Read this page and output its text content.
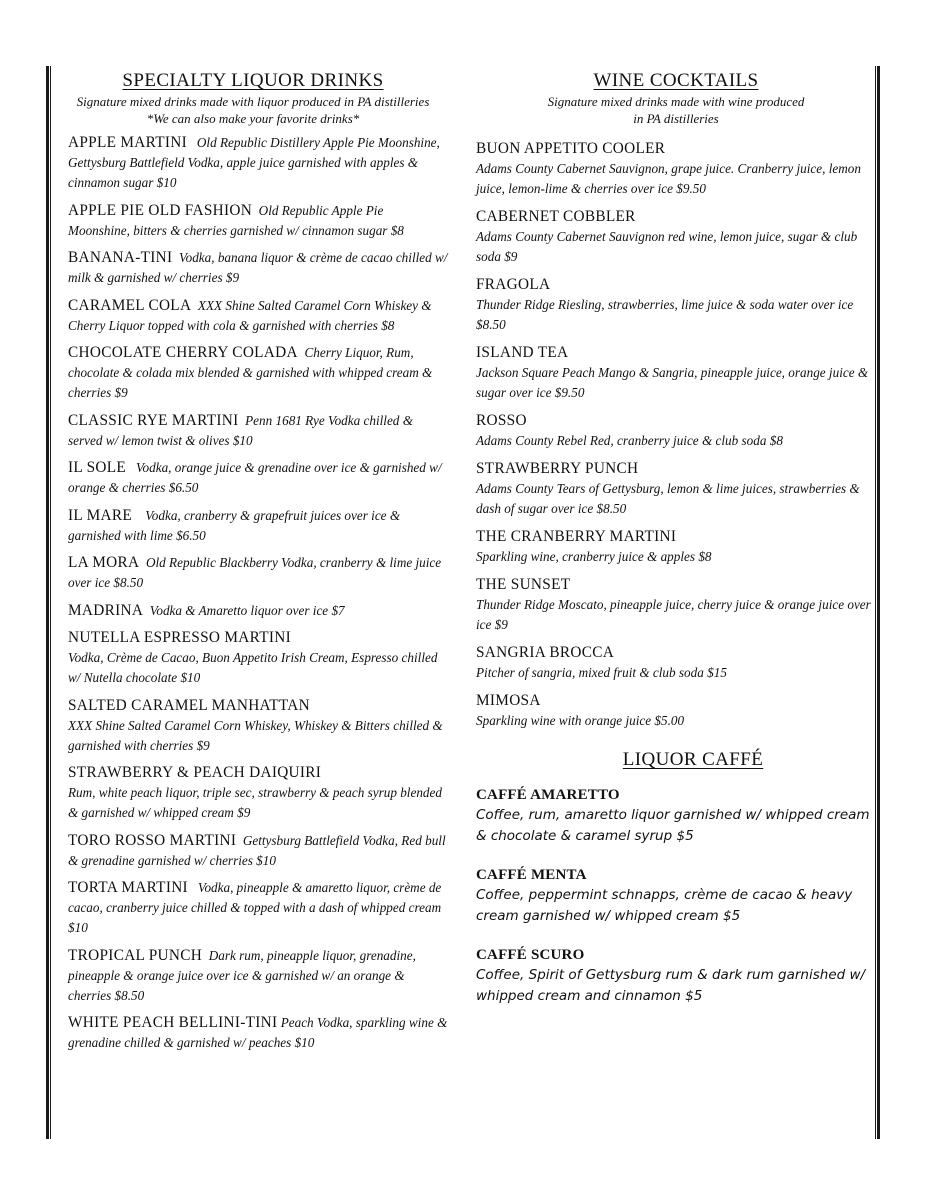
SPECIALTY LIQUOR DRINKS

Signature mixed drinks made with liquor produced in PA distilleries
*We can also make your favorite drinks*

APPLE MARTINI Old Republic Distillery Apple Pie Moonshine, Gettysburg Battlefield Vodka, apple juice garnished with apples & cinnamon sugar $10

APPLE PIE OLD FASHION Old Republic Apple Pie Moonshine, bitters & cherries garnished w/ cinnamon sugar $8

BANANA-TINI Vodka, banana liquor & crème de cacao chilled w/ milk & garnished w/ cherries $9

CARAMEL COLA XXX Shine Salted Caramel Corn Whiskey & Cherry Liquor topped with cola & garnished with cherries $8

CHOCOLATE CHERRY COLADA Cherry Liquor, Rum, chocolate & colada mix blended & garnished with whipped cream & cherries $9

CLASSIC RYE MARTINI Penn 1681 Rye Vodka chilled & served w/ lemon twist & olives $10

IL SOLE Vodka, orange juice & grenadine over ice & garnished w/ orange & cherries $6.50

IL MARE Vodka, cranberry & grapefruit juices over ice & garnished with lime $6.50

LA MORA Old Republic Blackberry Vodka, cranberry & lime juice over ice $8.50

MADRINA Vodka & Amaretto liquor over ice $7

NUTELLA ESPRESSO MARTINI
Vodka, Crème de Cacao, Buon Appetito Irish Cream, Espresso chilled w/ Nutella chocolate $10

SALTED CARAMEL MANHATTAN
XXX Shine Salted Caramel Corn Whiskey, Whiskey & Bitters chilled & garnished with cherries $9

STRAWBERRY & PEACH DAIQUIRI
Rum, white peach liquor, triple sec, strawberry & peach syrup blended & garnished w/ whipped cream $9

TORO ROSSO MARTINI Gettysburg Battlefield Vodka, Red bull & grenadine garnished w/ cherries $10

TORTA MARTINI Vodka, pineapple & amaretto liquor, crème de cacao, cranberry juice chilled & topped with a dash of whipped cream $10

TROPICAL PUNCH Dark rum, pineapple liquor, grenadine, pineapple & orange juice over ice & garnished w/ an orange & cherries $8.50

WHITE PEACH BELLINI-TINI Peach Vodka, sparkling wine & grenadine chilled & garnished w/ peaches $10

WINE COCKTAILS

Signature mixed drinks made with wine produced
in PA distilleries

BUON APPETITO COOLER
Adams County Cabernet Sauvignon, grape juice. Cranberry juice, lemon juice, lemon-lime & cherries over ice $9.50

CABERNET COBBLER
Adams County Cabernet Sauvignon red wine, lemon juice, sugar & club soda $9

FRAGOLA
Thunder Ridge Riesling, strawberries, lime juice & soda water over ice $8.50

ISLAND TEA
Jackson Square Peach Mango & Sangria, pineapple juice, orange juice & sugar over ice $9.50

ROSSO
Adams County Rebel Red, cranberry juice & club soda $8

STRAWBERRY PUNCH
Adams County Tears of Gettysburg, lemon & lime juices, strawberries & dash of sugar over ice $8.50

THE CRANBERRY MARTINI
Sparkling wine, cranberry juice & apples $8

THE SUNSET
Thunder Ridge Moscato, pineapple juice, cherry juice & orange juice over ice $9

SANGRIA BROCCA
Pitcher of sangria, mixed fruit & club soda $15

MIMOSA
Sparkling wine with orange juice $5.00

LIQUOR CAFFÉ

CAFFÉ AMARETTO
Coffee, rum, amaretto liquor garnished w/ whipped cream & chocolate & caramel syrup $5

CAFFÉ MENTA
Coffee, peppermint schnapps, crème de cacao & heavy cream garnished w/ whipped cream $5

CAFFÉ SCURO
Coffee, Spirit of Gettysburg rum & dark rum garnished w/ whipped cream and cinnamon $5
